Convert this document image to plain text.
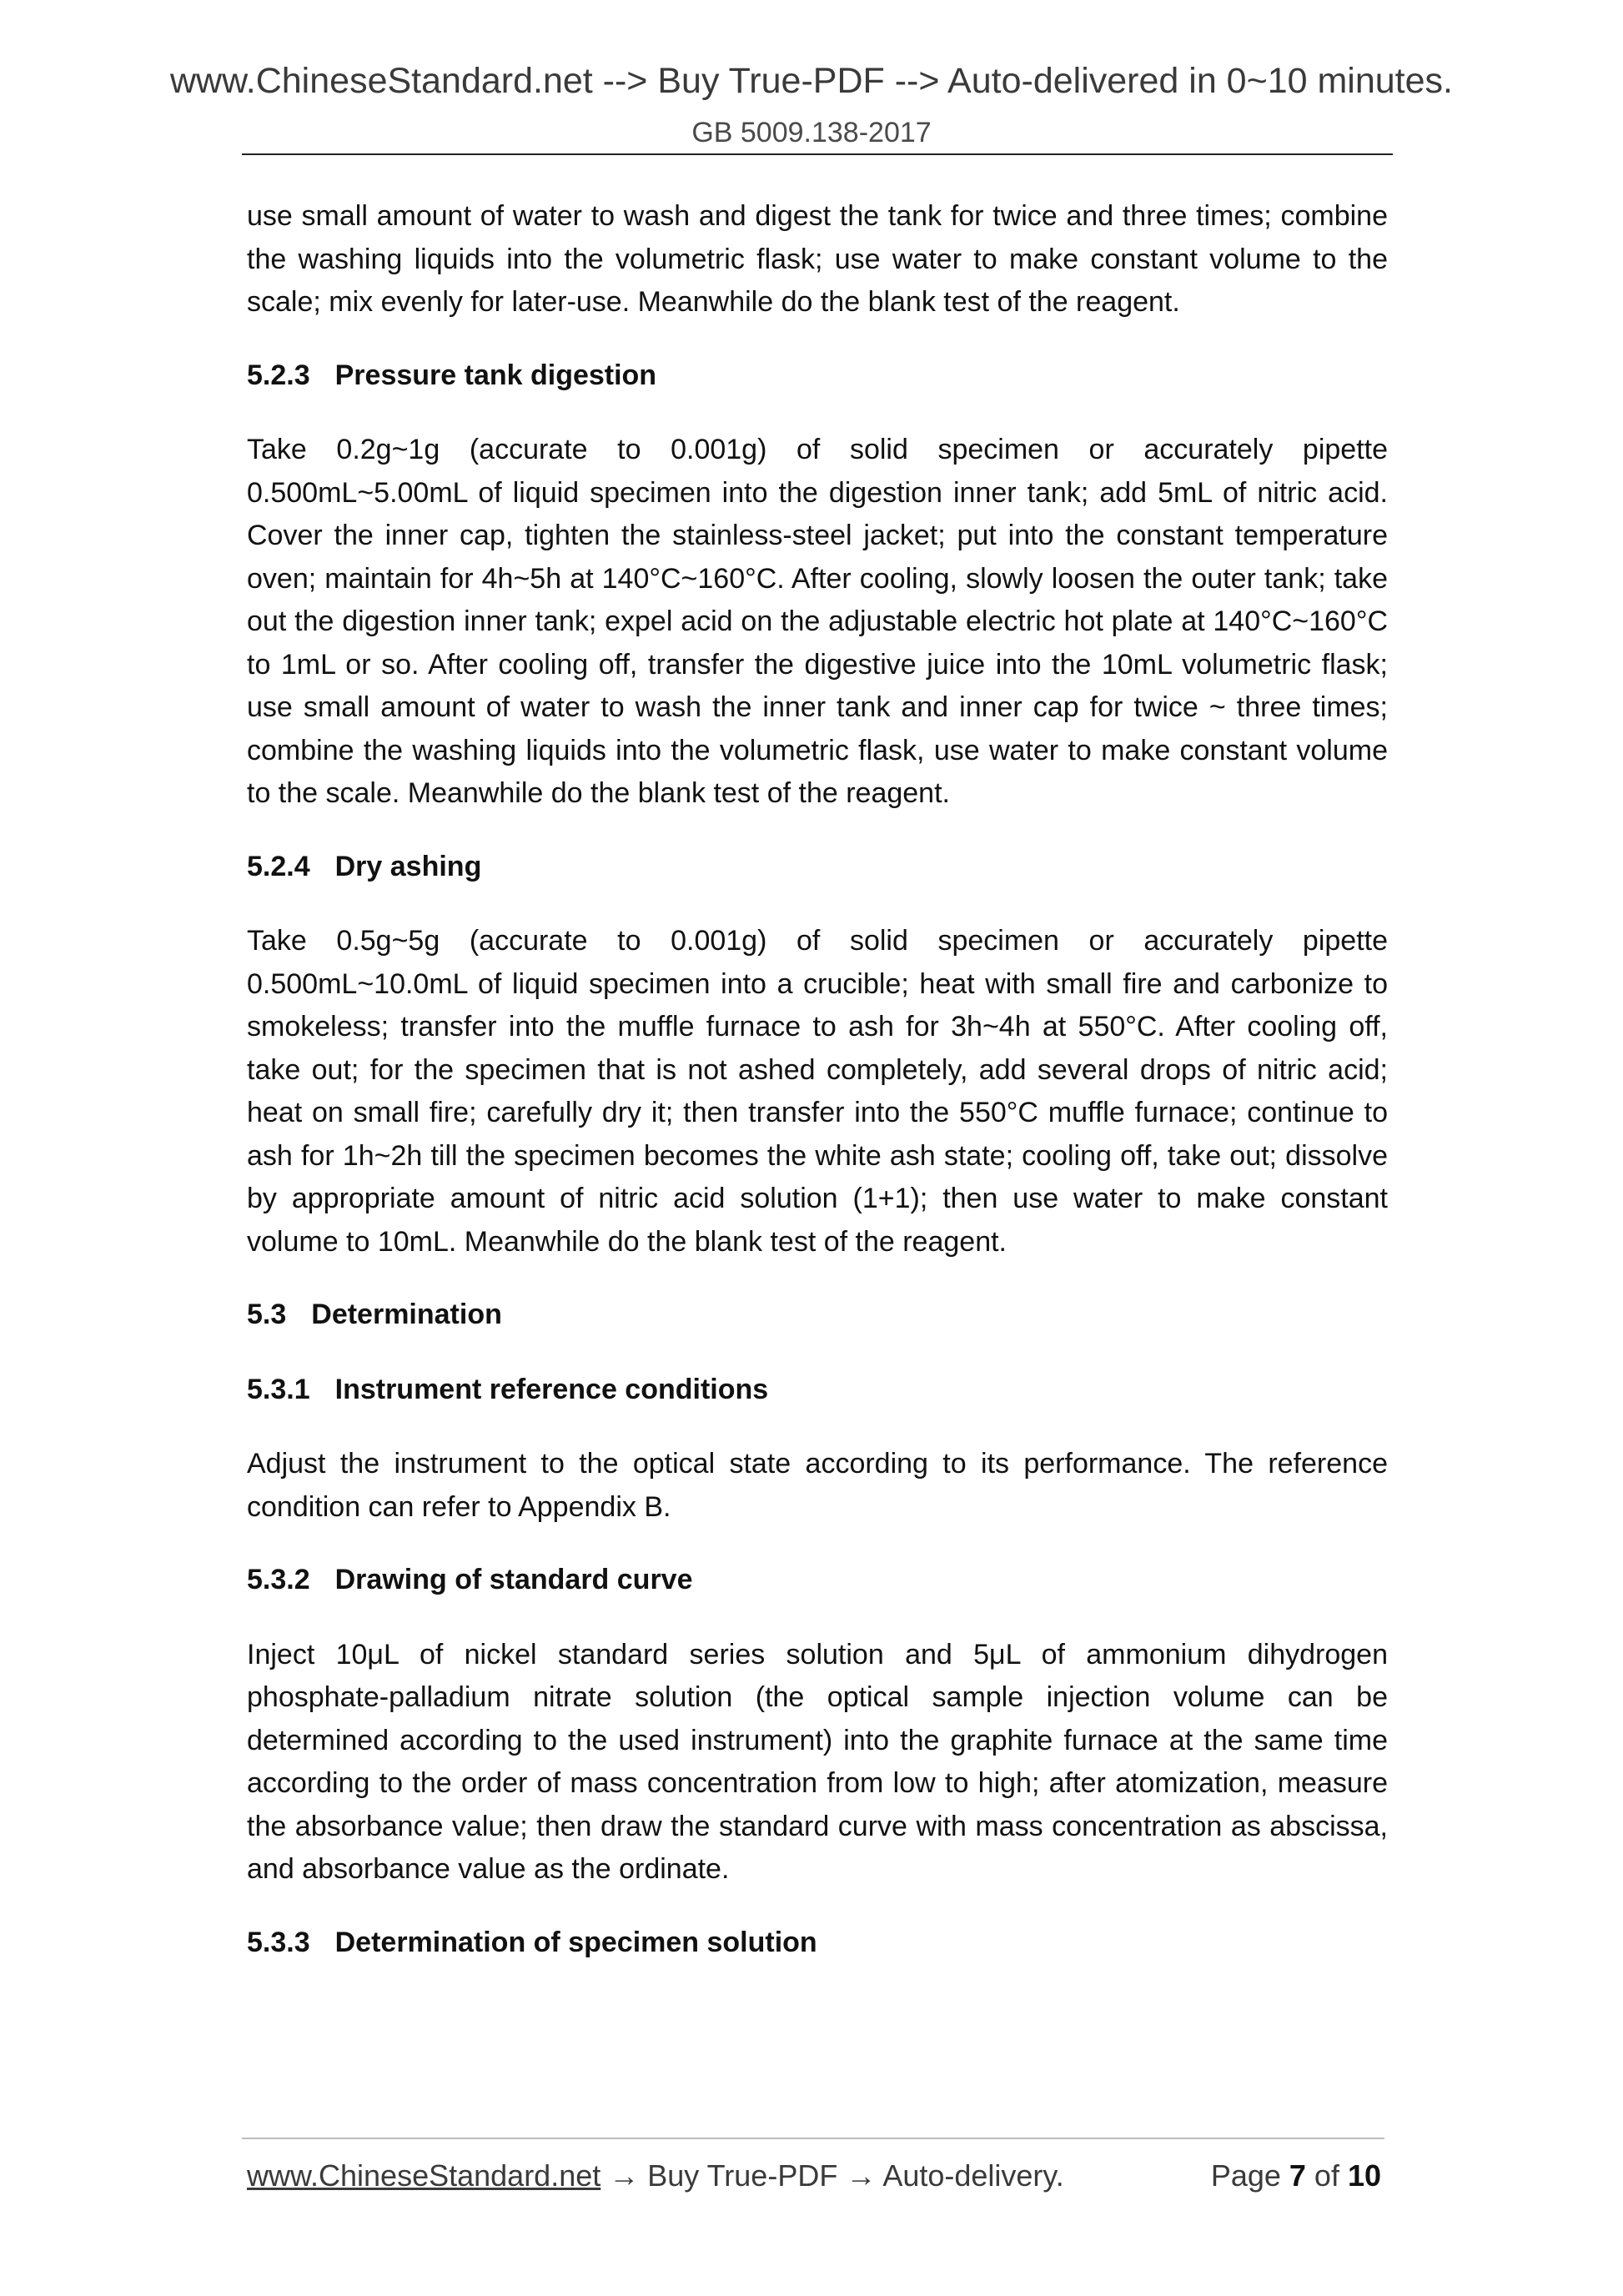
www.ChineseStandard.net --> Buy True-PDF --> Auto-delivered in 0~10 minutes.
GB 5009.138-2017

use small amount of water to wash and digest the tank for twice and three times; combine the washing liquids into the volumetric flask; use water to make constant volume to the scale; mix evenly for later-use. Meanwhile do the blank test of the reagent.

5.2.3 Pressure tank digestion

Take 0.2g~1g (accurate to 0.001g) of solid specimen or accurately pipette 0.500mL~5.00mL of liquid specimen into the digestion inner tank; add 5mL of nitric acid. Cover the inner cap, tighten the stainless-steel jacket; put into the constant temperature oven; maintain for 4h~5h at 140°C~160°C. After cooling, slowly loosen the outer tank; take out the digestion inner tank; expel acid on the adjustable electric hot plate at 140°C~160°C to 1mL or so. After cooling off, transfer the digestive juice into the 10mL volumetric flask; use small amount of water to wash the inner tank and inner cap for twice ~ three times; combine the washing liquids into the volumetric flask, use water to make constant volume to the scale. Meanwhile do the blank test of the reagent.

5.2.4 Dry ashing

Take 0.5g~5g (accurate to 0.001g) of solid specimen or accurately pipette 0.500mL~10.0mL of liquid specimen into a crucible; heat with small fire and carbonize to smokeless; transfer into the muffle furnace to ash for 3h~4h at 550°C. After cooling off, take out; for the specimen that is not ashed completely, add several drops of nitric acid; heat on small fire; carefully dry it; then transfer into the 550°C muffle furnace; continue to ash for 1h~2h till the specimen becomes the white ash state; cooling off, take out; dissolve by appropriate amount of nitric acid solution (1+1); then use water to make constant volume to 10mL. Meanwhile do the blank test of the reagent.

5.3 Determination
5.3.1 Instrument reference conditions

Adjust the instrument to the optical state according to its performance. The reference condition can refer to Appendix B.

5.3.2 Drawing of standard curve

Inject 10μL of nickel standard series solution and 5μL of ammonium dihydrogen phosphate-palladium nitrate solution (the optical sample injection volume can be determined according to the used instrument) into the graphite furnace at the same time according to the order of mass concentration from low to high; after atomization, measure the absorbance value; then draw the standard curve with mass concentration as abscissa, and absorbance value as the ordinate.

5.3.3 Determination of specimen solution
www.ChineseStandard.net → Buy True-PDF → Auto-delivery.	Page 7 of 10
